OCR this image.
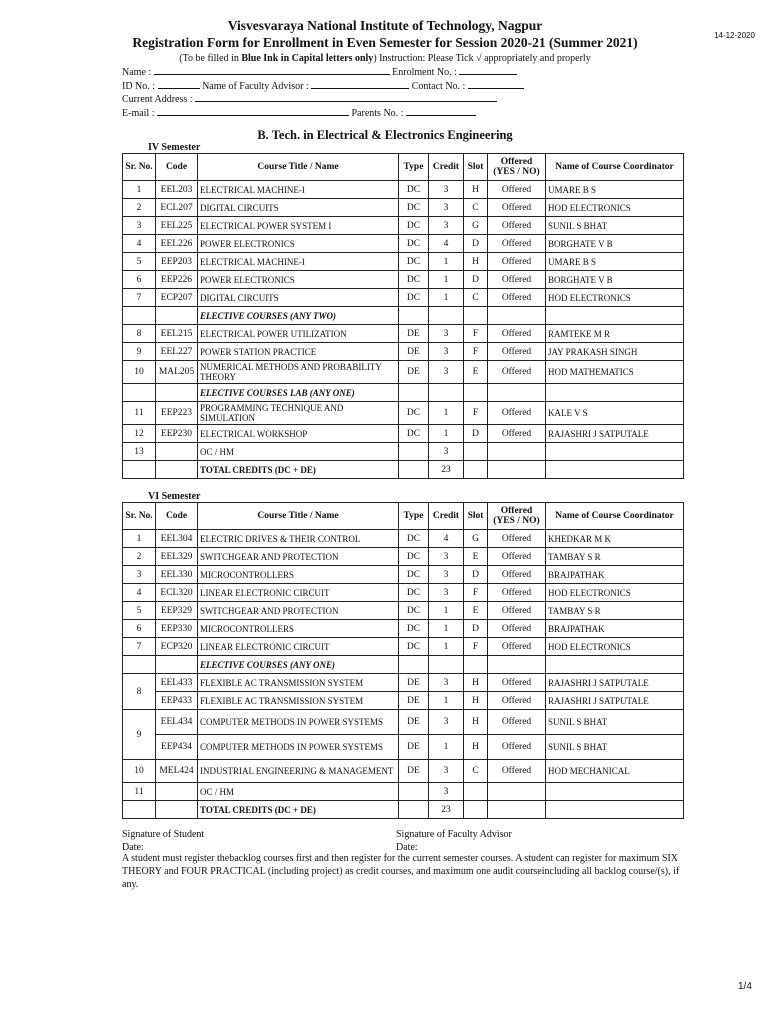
14-12-2020
Visvesvaraya National Institute of Technology, Nagpur
Registration Form for Enrollment in Even Semester for Session 2020-21 (Summer 2021)
(To be filled in Blue Ink in Capital letters only) Instruction: Please Tick √ appropriately and properly
Name :	Enrolment No. :
ID No. :	Name of Faculty Advisor :	Contact No. :
Current Address :
E-mail :	Parents No. :
B. Tech. in Electrical & Electronics Engineering
IV Semester
Sr. No.	Code	Course Title / Name	Type	Credit	Slot	Offered (YES / NO)	Name of Course Coordinator
1	EEL203	ELECTRICAL MACHINE-I	DC	3	H	Offered	UMARE B S
2	ECL207	DIGITAL CIRCUITS	DC	3	C	Offered	HOD ELECTRONICS
3	EEL225	ELECTRICAL POWER SYSTEM I	DC	3	G	Offered	SUNIL S BHAT
4	EEL226	POWER ELECTRONICS	DC	4	D	Offered	BORGHATE V B
5	EEP203	ELECTRICAL MACHINE-I	DC	1	H	Offered	UMARE B S
6	EEP226	POWER ELECTRONICS	DC	1	D	Offered	BORGHATE V B
7	ECP207	DIGITAL CIRCUITS	DC	1	C	Offered	HOD ELECTRONICS
		ELECTIVE COURSES (ANY TWO)					
8	EEL215	ELECTRICAL POWER UTILIZATION	DE	3	F	Offered	RAMTEKE M R
9	EEL227	POWER STATION PRACTICE	DE	3	F	Offered	JAY PRAKASH SINGH
10	MAL205	NUMERICAL METHODS AND PROBABILITY THEORY	DE	3	E	Offered	HOD MATHEMATICS
		ELECTIVE COURSES LAB (ANY ONE)					
11	EEP223	PROGRAMMING TECHNIQUE AND SIMULATION	DC	1	F	Offered	KALE V S
12	EEP230	ELECTRICAL WORKSHOP	DC	1	D	Offered	RAJASHRI J SATPUTALE
13		OC / HM		3			
		TOTAL CREDITS (DC + DE)		23			
VI Semester
Sr. No.	Code	Course Title / Name	Type	Credit	Slot	Offered (YES / NO)	Name of Course Coordinator
1	EEL304	ELECTRIC DRIVES & THEIR CONTROL	DC	4	G	Offered	KHEDKAR M K
2	EEL329	SWITCHGEAR AND PROTECTION	DC	3	E	Offered	TAMBAY S R
3	EEL330	MICROCONTROLLERS	DC	3	D	Offered	BRAJPATHAK
4	ECL320	LINEAR ELECTRONIC CIRCUIT	DC	3	F	Offered	HOD ELECTRONICS
5	EEP329	SWITCHGEAR AND PROTECTION	DC	1	E	Offered	TAMBAY S R
6	EEP330	MICROCONTROLLERS	DC	1	D	Offered	BRAJPATHAK
7	ECP320	LINEAR ELECTRONIC CIRCUIT	DC	1	F	Offered	HOD ELECTRONICS
		ELECTIVE COURSES (ANY ONE)					
8	EEL433	FLEXIBLE AC TRANSMISSION SYSTEM	DE	3	H	Offered	RAJASHRI J SATPUTALE
	EEP433	FLEXIBLE AC TRANSMISSION SYSTEM	DE	1	H	Offered	RAJASHRI J SATPUTALE
9	EEL434	COMPUTER METHODS IN POWER SYSTEMS	DE	3	H	Offered	SUNIL S BHAT
	EEP434	COMPUTER METHODS IN POWER SYSTEMS	DE	1	H	Offered	SUNIL S BHAT
10	MEL424	INDUSTRIAL ENGINEERING & MANAGEMENT	DE	3	C	Offered	HOD MECHANICAL
11		OC / HM		3			
		TOTAL CREDITS (DC + DE)		23			
Signature of Student
Date:
Signature of Faculty Advisor
Date:
A student must register thebacklog courses first and then register for the current semester courses. A student can register for maximum SIX THEORY and FOUR PRACTICAL (including project) as credit courses, and maximum one audit courseincluding all backlog course/(s), if any.
1/4
